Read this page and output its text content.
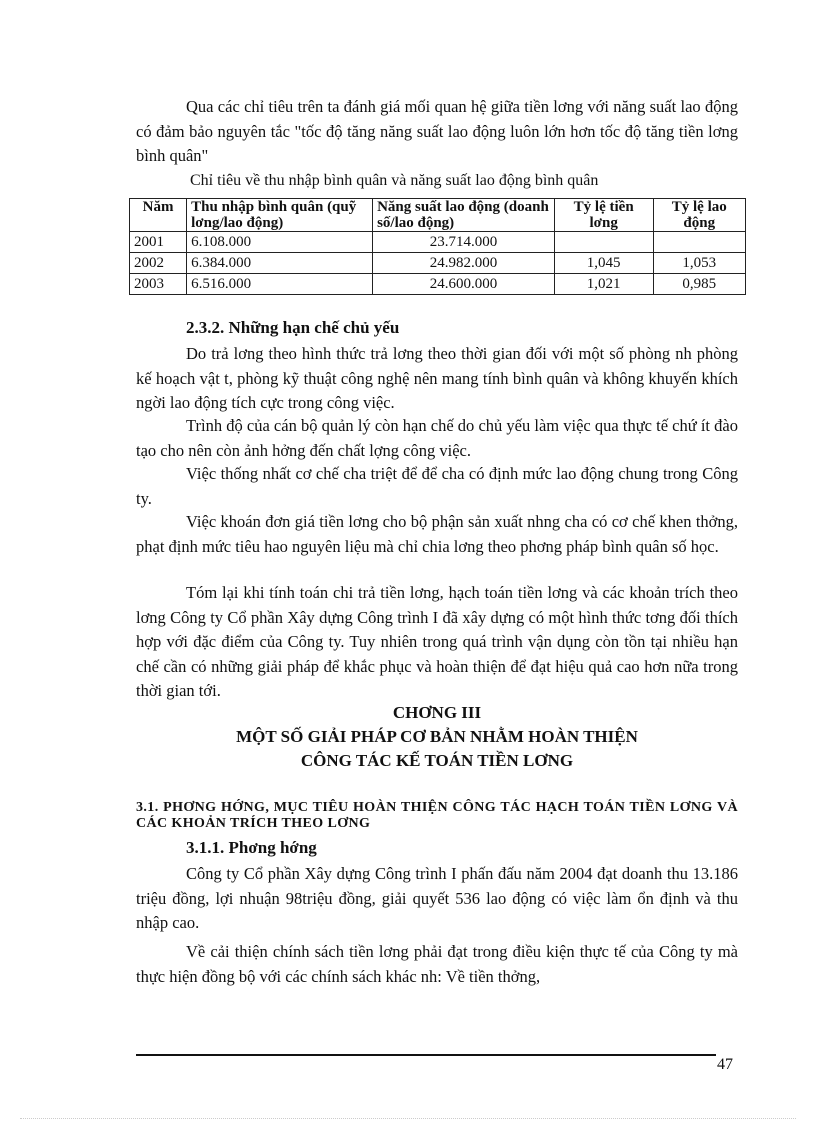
Qua các chỉ tiêu trên ta đánh giá mối quan hệ giữa tiền lơng với năng suất lao động có đảm bảo nguyên tắc "tốc độ tăng năng suất lao động luôn lớn hơn tốc độ tăng tiền lơng bình quân"
Chỉ tiêu về thu nhập bình quân và năng suất lao động bình quân
Năm	Thu nhập bình quân (quỹ lơng/lao động)	Năng suất lao động (doanh số/lao động)	Tỷ lệ tiền lơng	Tỷ lệ lao động
2001	6.108.000	23.714.000		
2002	6.384.000	24.982.000	1,045	1,053
2003	6.516.000	24.600.000	1,021	0,985
2.3.2. Những hạn chế chủ yếu
Do trả lơng theo hình thức trả lơng theo thời gian đối với một số phòng nh phòng kế hoạch vật t, phòng kỹ thuật công nghệ nên mang tính bình quân và không khuyến khích ngời lao động tích cực trong công việc.
Trình độ của cán bộ quản lý còn hạn chế do chủ yếu làm việc qua thực tế chứ ít đào tạo cho nên còn ảnh hởng đến chất lợng công việc.
Việc thống nhất cơ chế cha triệt để để cha có định mức lao động chung trong Công ty.
Việc khoán đơn giá tiền lơng cho bộ phận sản xuất nhng cha có cơ chế khen thởng, phạt định mức tiêu hao nguyên liệu mà chỉ chia lơng theo phơng pháp bình quân số học.
Tóm lại khi tính toán chi trả tiền lơng, hạch toán tiền lơng và các khoản trích theo lơng Công ty Cổ phần Xây dựng Công trình I đã xây dựng có một hình thức tơng đối thích hợp với đặc điểm của Công ty. Tuy nhiên trong quá trình vận dụng còn tồn tại nhiều hạn chế cần có những giải pháp để khắc phục và hoàn thiện để đạt hiệu quả cao hơn nữa trong thời gian tới.
CHƠNG III
MỘT SỐ GIẢI PHÁP CƠ BẢN NHẰM HOÀN THIỆN
CÔNG TÁC KẾ TOÁN TIỀN LƠNG
3.1. PHƠNG HỚNG, MỤC TIÊU HOÀN THIỆN CÔNG TÁC HẠCH TOÁN TIỀN LƠNG VÀ CÁC KHOẢN TRÍCH THEO LƠNG
3.1.1. Phơng hớng
Công ty Cổ phần Xây dựng Công trình I phấn đấu năm 2004 đạt doanh thu 13.186 triệu đồng, lợi nhuận 98triệu đồng, giải quyết 536 lao động có việc làm ổn định và thu nhập cao.
Về cải thiện chính sách tiền lơng phải đạt trong điều kiện thực tế của Công ty mà thực hiện đồng bộ với các chính sách khác nh: Về tiền thởng,
47
